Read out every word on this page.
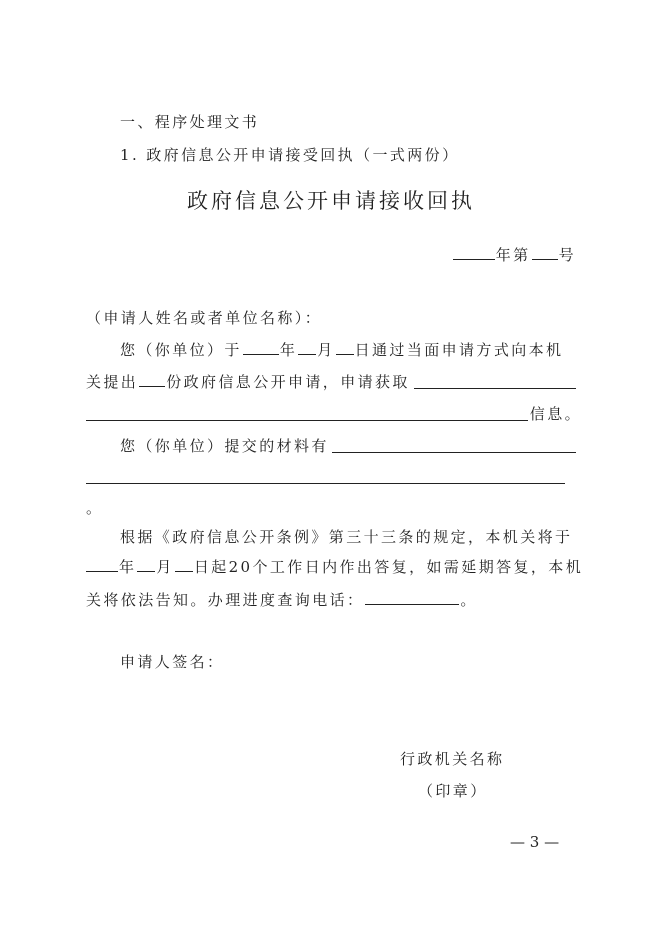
一、程序处理文书
1. 政府信息公开申请接受回执（一式两份）
政府信息公开申请接收回执
年第 号
（申请人姓名或者单位名称）：
您（你单位）于	年 月 日通过当面申请方式向本机
关提出 份政府信息公开申请，申请获取
信息。
您（你单位）提交的材料有
。
根据《政府信息公开条例》第三十三条的规定，本机关将于
年 月 日起20个工作日内作出答复，如需延期答复，本机
关将依法告知。办理进度查询电话：	。
申请人签名：
行政机关名称
（印章）
— 3 —
